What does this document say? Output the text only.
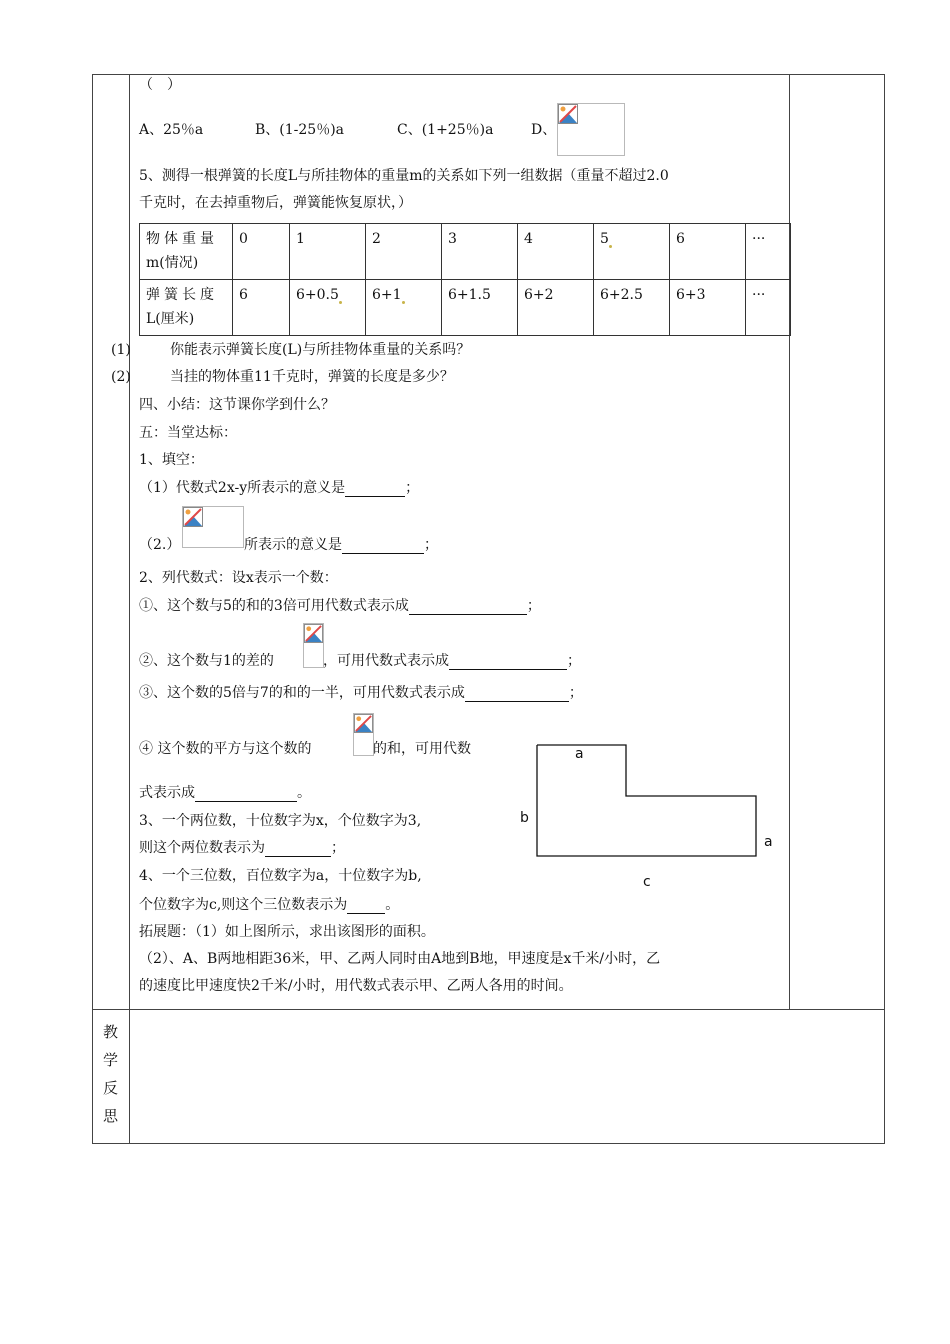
（　）
A、25％a	B、(1-25％)a	C、(1+25％)a	D、
5、测得一根弹簧的长度L与所挂物体的重量m的关系如下列一组数据（重量不超过2.0
千克时，在去掉重物后，弹簧能恢复原状，）
物体重量
m(情况)	0	1	2	3	4	5	6	···
弹簧长度
L(厘米)	6	6+0.5	6+1	6+1.5	6+2	6+2.5	6+3	···
(1)	你能表示弹簧长度(L)与所挂物体重量的关系吗？
(2)	当挂的物体重11千克时，弹簧的长度是多少？
四、小结：这节课你学到什么？
五：当堂达标：
1、填空：
（1）代数式2x-y所表示的意义是	；
（2.）	所表示的意义是	；
2、列代数式：设x表示一个数：
①、这个数与5的和的3倍可用代数式表示成	；
②、这个数与1的差的	，可用代数式表示成	；
③、这个数的5倍与7的和的一半，可用代数式表示成	；
④ 这个数的平方与这个数的	的和，可用代数
式表示成	。
3、一个两位数，十位数字为x，个位数字为3,
则这个两位数表示为	；
4、一个三位数，百位数字为a，十位数字为b,
个位数字为c,则这个三位数表示为	。
a
b
a
c
拓展题：（1）如上图所示，求出该图形的面积。
（2）、A、B两地相距36米，甲、乙两人同时由A地到B地，甲速度是x千米/小时，乙
的速度比甲速度快2千米/小时，用代数式表示甲、乙两人各用的时间。
教
学
反
思
